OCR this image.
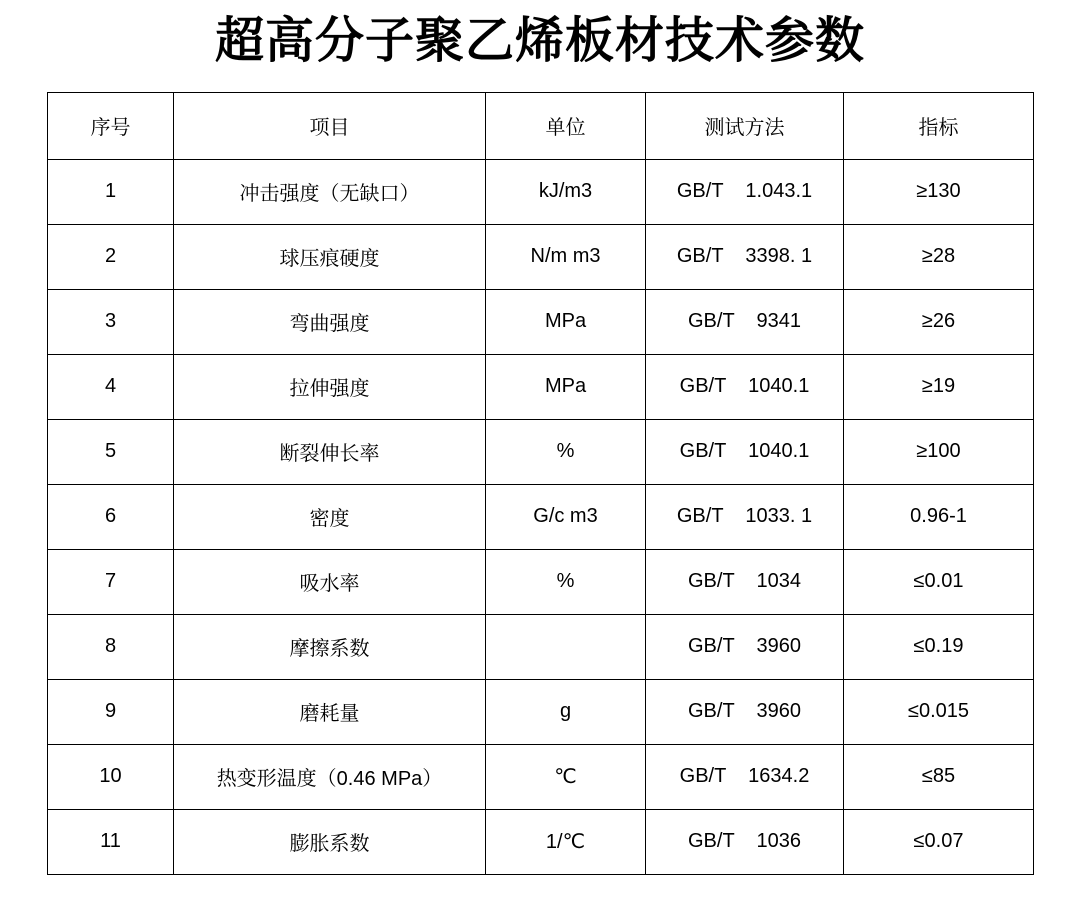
超高分子聚乙烯板材技术参数
序号	项目	单位	测试方法	指标
1	冲击强度（无缺口）	kJ/m3	GB/T    1.043.1	≥130
2	球压痕硬度	N/m m3	GB/T    3398. 1	≥28
3	弯曲强度	MPa	GB/T    9341	≥26
4	拉伸强度	MPa	GB/T    1040.1	≥19
5	断裂伸长率	%	GB/T    1040.1	≥100
6	密度	G/c m3	GB/T    1033. 1	0.96-1
7	吸水率	%	GB/T    1034	≤0.01
8	摩擦系数		GB/T    3960	≤0.19
9	磨耗量	g	GB/T    3960	≤0.015
10	热变形温度（0.46 MPa）	℃	GB/T    1634.2	≤85
11	膨胀系数	1/℃	GB/T    1036	≤0.07
